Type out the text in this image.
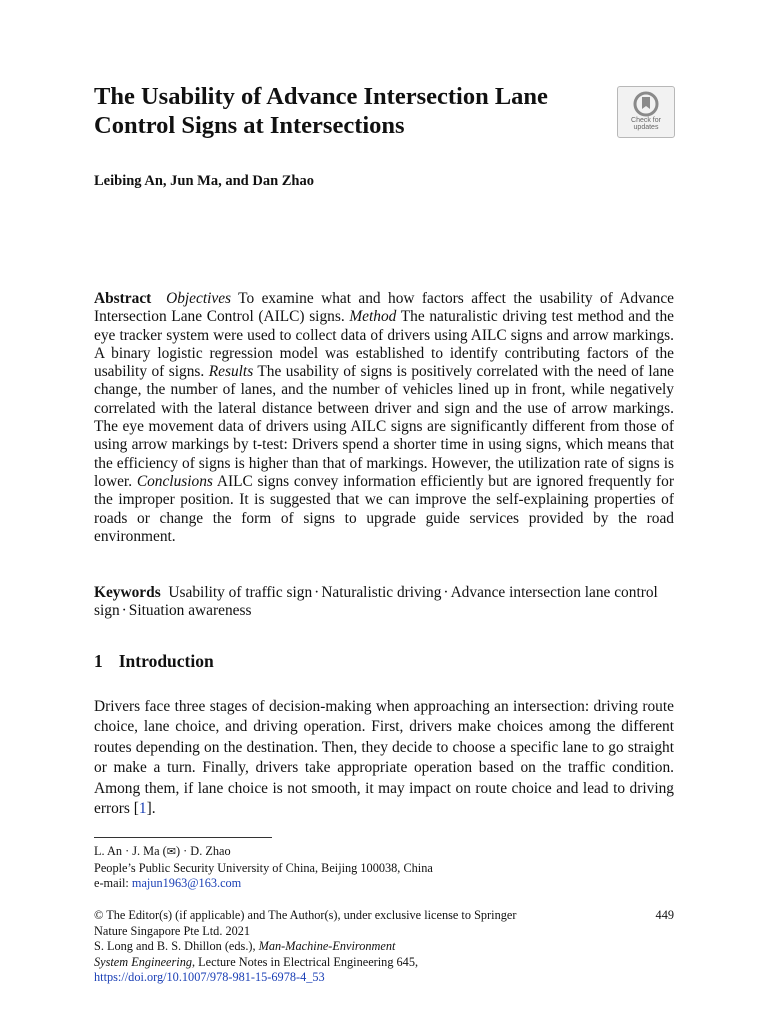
The Usability of Advance Intersection Lane Control Signs at Intersections	Check for
updates

Leibing An, Jun Ma, and Dan Zhao

Abstract Objectives To examine what and how factors affect the usability of Advance Intersection Lane Control (AILC) signs. Method The naturalistic driving test method and the eye tracker system were used to collect data of drivers using AILC signs and arrow markings. A binary logistic regression model was established to identify contributing factors of the usability of signs. Results The usability of signs is positively correlated with the need of lane change, the number of lanes, and the number of vehicles lined up in front, while negatively correlated with the lateral distance between driver and sign and the use of arrow markings. The eye movement data of drivers using AILC signs are significantly different from those of using arrow markings by t-test: Drivers spend a shorter time in using signs, which means that the efficiency of signs is higher than that of markings. However, the utilization rate of signs is lower. Conclusions AILC signs convey information efficiently but are ignored frequently for the improper position. It is suggested that we can improve the self-explaining properties of roads or change the form of signs to upgrade guide services provided by the road environment.

Keywords Usability of traffic sign · Naturalistic driving · Advance intersection lane control sign · Situation awareness

1 Introduction

Drivers face three stages of decision-making when approaching an intersection: driving route choice, lane choice, and driving operation. First, drivers make choices among the different routes depending on the destination. Then, they decide to choose a specific lane to go straight or make a turn. Finally, drivers take appropriate operation based on the traffic condition. Among them, if lane choice is not smooth, it may impact on route choice and lead to driving errors [1].

L. An · J. Ma (✉) · D. Zhao
People’s Public Security University of China, Beijing 100038, China
e-mail: majun1963@163.com
© The Editor(s) (if applicable) and The Author(s), under exclusive license to Springer
Nature Singapore Pte Ltd. 2021
S. Long and B. S. Dhillon (eds.), Man-Machine-Environment
System Engineering, Lecture Notes in Electrical Engineering 645,
https://doi.org/10.1007/978-981-15-6978-4_53

449
